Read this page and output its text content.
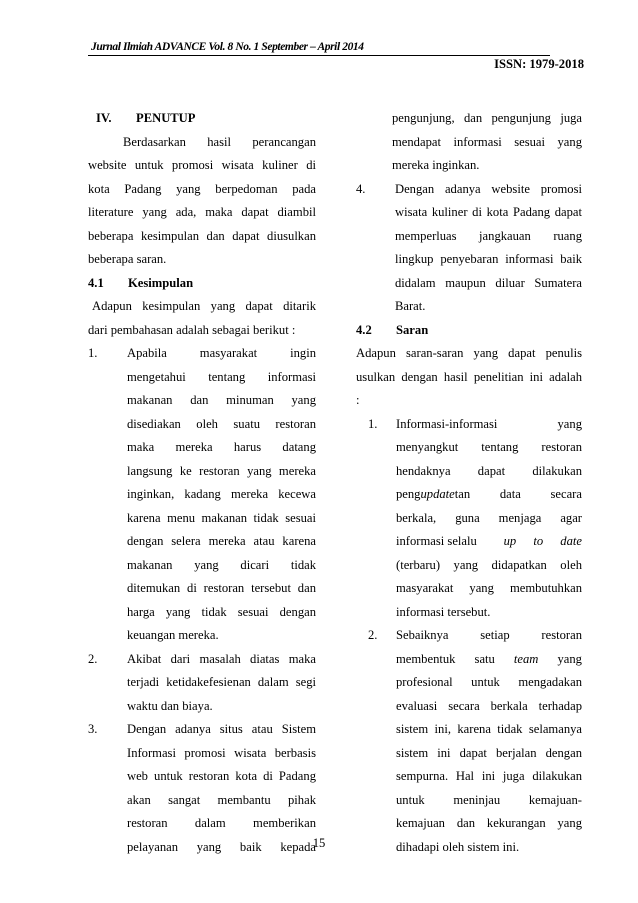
Jurnal Ilmiah ADVANCE Vol. 8 No. 1 September – April 2014
ISSN: 1979-2018
IV.	PENUTUP
Berdasarkan hasil perancangan
website untuk promosi wisata kuliner di
kota Padang yang berpedoman pada
literature yang ada, maka dapat diambil
beberapa kesimpulan dan dapat diusulkan
beberapa saran.
4.1	Kesimpulan
Adapun kesimpulan yang dapat ditarik
dari pembahasan adalah sebagai berikut :
1.	Apabila masyarakat ingin
mengetahui tentang informasi
makanan dan minuman yang
disediakan oleh suatu restoran
maka mereka harus datang
langsung ke restoran yang mereka
inginkan, kadang mereka kecewa
karena menu makanan tidak sesuai
dengan selera mereka atau karena
makanan yang dicari tidak
ditemukan di restoran tersebut dan
harga yang tidak sesuai dengan
keuangan mereka.
2.	Akibat dari masalah diatas maka
terjadi ketidakefesienan dalam segi
waktu dan biaya.
3.	Dengan adanya situs atau Sistem
Informasi promosi wisata berbasis
web untuk restoran kota di Padang
akan sangat membantu pihak
restoran dalam memberikan
pelayanan yang baik kepada
pengunjung, dan pengunjung juga
mendapat informasi sesuai yang
mereka inginkan.
4.	Dengan adanya website promosi
wisata kuliner di kota Padang dapat
memperluas jangkauan ruang
lingkup penyebaran informasi baik
didalam maupun diluar Sumatera
Barat.
4.2	Saran
Adapun saran-saran yang dapat penulis
usulkan dengan hasil penelitian ini adalah
:
1.	Informasi-informasi yang
menyangkut tentang restoran
hendaknya dapat dilakukan
pengupdatetan data secara
berkala, guna menjaga agar
informasi selalu up to date
(terbaru) yang didapatkan oleh
masyarakat yang membutuhkan
informasi tersebut.
2.	Sebaiknya setiap restoran
membentuk satu team yang
profesional untuk mengadakan
evaluasi secara berkala terhadap
sistem ini, karena tidak selamanya
sistem ini dapat berjalan dengan
sempurna. Hal ini juga dilakukan
untuk meninjau kemajuan-
kemajuan dan kekurangan yang
dihadapi oleh sistem ini.
15
